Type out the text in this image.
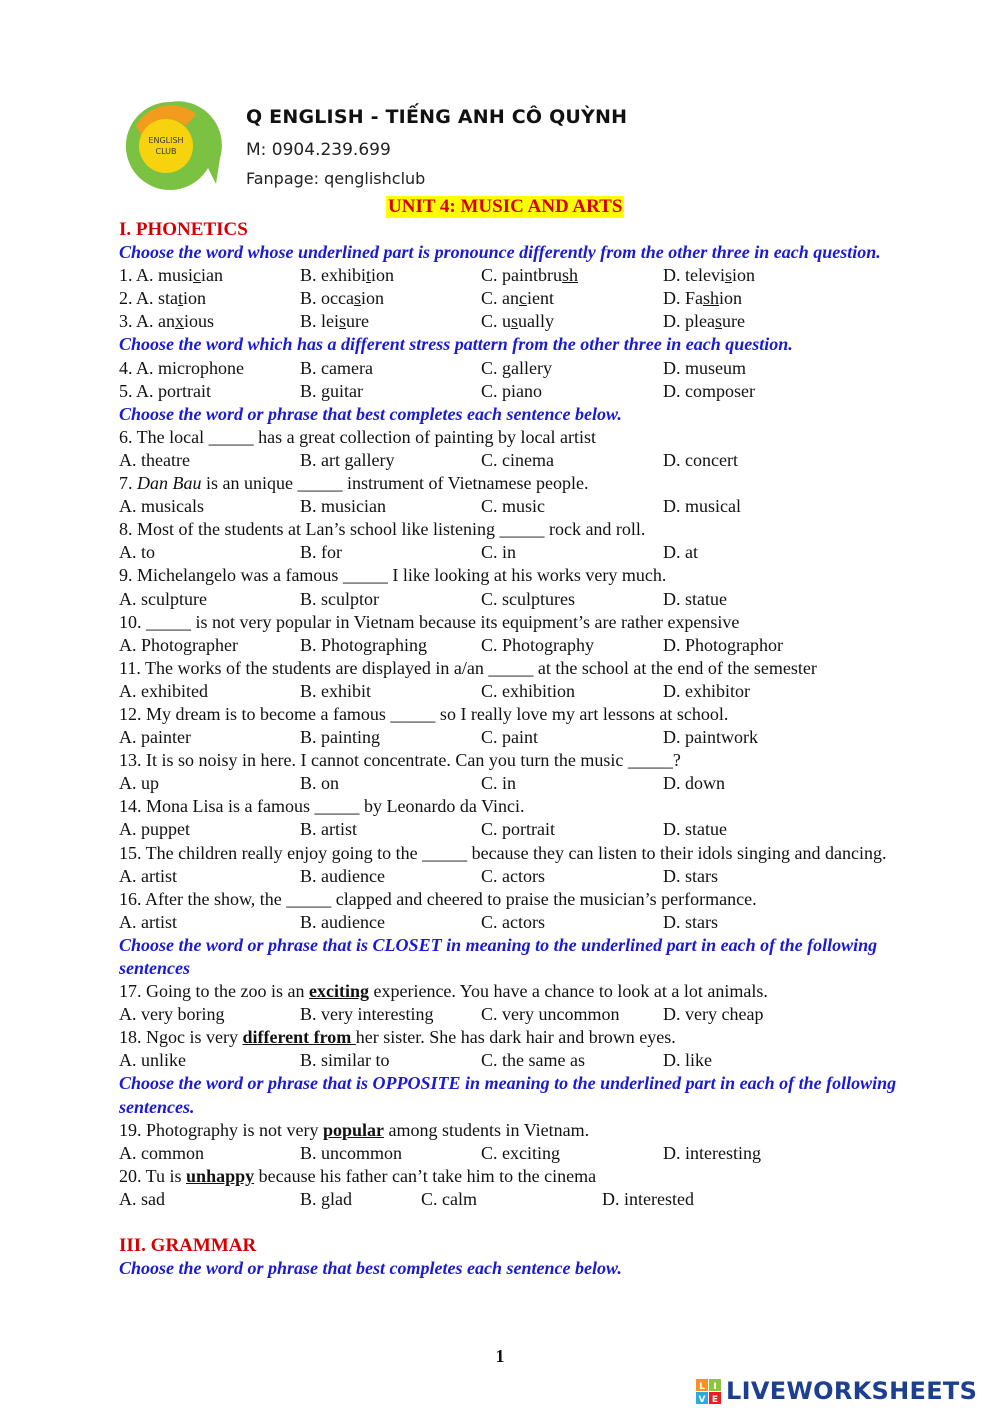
ENGLISH
CLUB
Q ENGLISH - TIẾNG ANH CÔ QUỲNH
M: 0904.239.699
Fanpage: qenglishclub
UNIT 4: MUSIC AND ARTS
I. PHONETICS
Choose the word whose underlined part is pronounce differently from the other three in each question.
1. A. musician	B. exhibition	C. paintbrush	D. television
2. A. station	B. occasion	C. ancient	D. Fashion
3. A. anxious	B. leisure	C. usually	D. pleasure
Choose the word which has a different stress pattern from the other three in each question.
4. A. microphone	B. camera	C. gallery	D. museum
5. A. portrait	B. guitar	C. piano	D. composer
Choose the word or phrase that best completes each sentence below.
6. The local _____ has a great collection of painting by local artist
A. theatre	B. art gallery	C. cinema	D. concert
7. Dan Bau is an unique _____ instrument of Vietnamese people.
A. musicals	B. musician	C. music	D. musical
8. Most of the students at Lan’s school like listening _____ rock and roll.
A. to	B. for	C. in	D. at
9. Michelangelo was a famous _____ I like looking at his works very much.
A. sculpture	B. sculptor	C. sculptures	D. statue
10. _____ is not very popular in Vietnam because its equipment’s are rather expensive
A. Photographer	B. Photographing	C. Photography	D. Photographor
11. The works of the students are displayed in a/an _____ at the school at the end of the semester
A. exhibited	B. exhibit	C. exhibition	D. exhibitor
12. My dream is to become a famous _____ so I really love my art lessons at school.
A. painter	B. painting	C. paint	D. paintwork
13. It is so noisy in here. I cannot concentrate. Can you turn the music _____?
A. up	B. on	C. in	D. down
14. Mona Lisa is a famous _____ by Leonardo da Vinci.
A. puppet	B. artist	C. portrait	D. statue
15. The children really enjoy going to the _____ because they can listen to their idols singing and dancing.
A. artist	B. audience	C. actors	D. stars
16. After the show, the _____ clapped and cheered to praise the musician’s performance.
A. artist	B. audience	C. actors	D. stars
Choose the word or phrase that is CLOSET in meaning to the underlined part in each of the following sentences
17. Going to the zoo is an exciting experience. You have a chance to look at a lot animals.
A. very boring	B. very interesting	C. very uncommon D. very cheap
18. Ngoc is very different from her sister. She has dark hair and brown eyes.
A. unlike	B. similar to	C. the same as	D. like
Choose the word or phrase that is OPPOSITE in meaning to the underlined part in each of the following sentences.
19. Photography is not very popular among students in Vietnam.
A. common	B. uncommon	C. exciting	D. interesting
20. Tu is unhappy because his father can’t take him to the cinema
A. sad	B. glad	C. calm	D. interested
III. GRAMMAR
Choose the word or phrase that best completes each sentence below.
1
L I
V E LIVEWORKSHEETS
